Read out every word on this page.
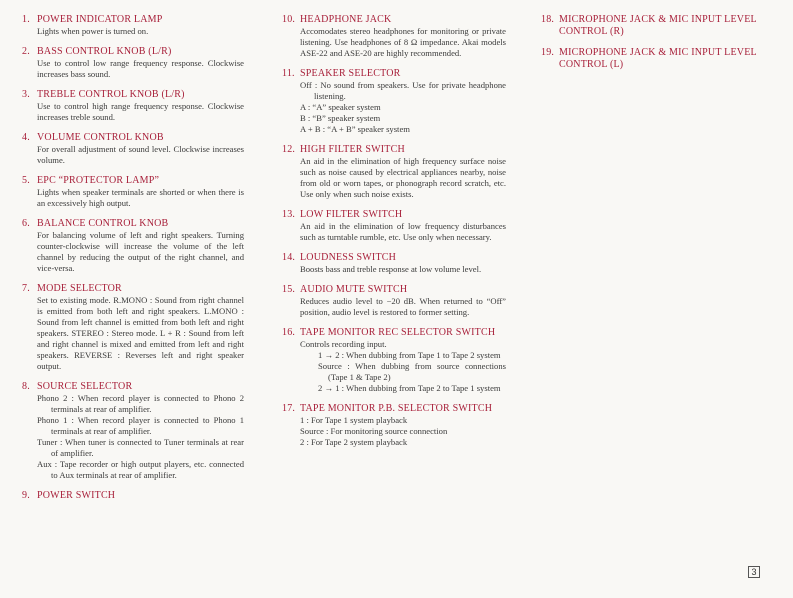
1. POWER INDICATOR LAMP
Lights when power is turned on.
2. BASS CONTROL KNOB (L/R)
Use to control low range frequency response. Clockwise increases bass sound.
3. TREBLE CONTROL KNOB (L/R)
Use to control high range frequency response. Clockwise increases treble sound.
4. VOLUME CONTROL KNOB
For overall adjustment of sound level. Clockwise increases volume.
5. EPC “PROTECTOR LAMP”
Lights when speaker terminals are shorted or when there is an excessively high output.
6. BALANCE CONTROL KNOB
For balancing volume of left and right speakers. Turning counter-clockwise will increase the volume of the left channel by reducing the output of the right channel, and vice-versa.
7. MODE SELECTOR
Set to existing mode. R.MONO : Sound from right channel is emitted from both left and right speakers. L.MONO : Sound from left channel is emitted from both left and right speakers. STEREO : Stereo mode. L + R : Sound from left and right channel is mixed and emitted from left and right speakers. REVERSE : Reverses left and right speaker output.
8. SOURCE SELECTOR
Phono 2 : When record player is connected to Phono 2 terminals at rear of amplifier.
Phono 1 : When record player is connected to Phono 1 terminals at rear of amplifier.
Tuner : When tuner is connected to Tuner terminals at rear of amplifier.
Aux : Tape recorder or high output players, etc. connected to Aux terminals at rear of amplifier.
9. POWER SWITCH
10. HEADPHONE JACK
Accomodates stereo headphones for monitoring or private listening. Use headphones of 8 Ω impedance. Akai models ASE-22 and ASE-20 are highly recommended.
11. SPEAKER SELECTOR
Off : No sound from speakers. Use for private headphone listening.
A : “A” speaker system
B : “B” speaker system
A + B : “A + B” speaker system
12. HIGH FILTER SWITCH
An aid in the elimination of high frequency surface noise such as noise caused by electrical appliances nearby, noise from old or worn tapes, or phonograph record scratch, etc. Use only when such noise exists.
13. LOW FILTER SWITCH
An aid in the elimination of low frequency disturbances such as turntable rumble, etc. Use only when necessary.
14. LOUDNESS SWITCH
Boosts bass and treble response at low volume level.
15. AUDIO MUTE SWITCH
Reduces audio level to −20 dB. When returned to “Off” position, audio level is restored to former setting.
16. TAPE MONITOR REC SELECTOR SWITCH
Controls recording input.
1 → 2 : When dubbing from Tape 1 to Tape 2 system
Source : When dubbing from source connections (Tape 1 & Tape 2)
2 → 1 : When dubbing from Tape 2 to Tape 1 system
17. TAPE MONITOR P.B. SELECTOR SWITCH
1 : For Tape 1 system playback
Source : For monitoring source connection
2 : For Tape 2 system playback
18. MICROPHONE JACK & MIC INPUT LEVEL CONTROL (R)
19. MICROPHONE JACK & MIC INPUT LEVEL CONTROL (L)
3
